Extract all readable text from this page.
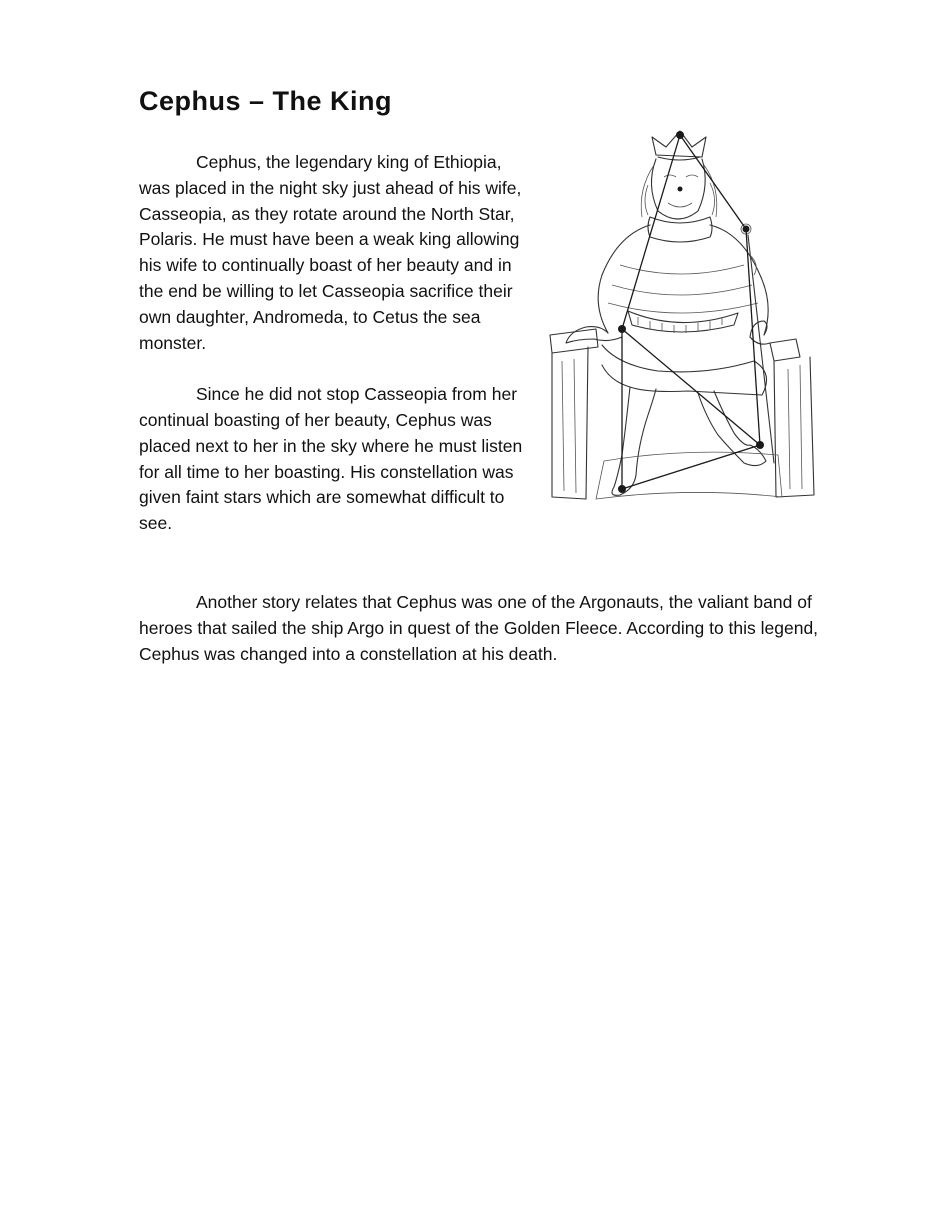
Cephus – The King

Cephus, the legendary king of Ethiopia, was placed in the night sky just ahead of his wife, Casseopia, as they rotate around the North Star, Polaris. He must have been a weak king allowing his wife to continually boast of her beauty and in the end be willing to let Casseopia sacrifice their own daughter, Andromeda, to Cetus the sea monster.

Since he did not stop Casseopia from her continual boasting of her beauty, Cephus was placed next to her in the sky where he must listen for all time to her boasting. His constellation was given faint stars which are somewhat difficult to see.

Another story relates that Cephus was one of the Argonauts, the valiant band of heroes that sailed the ship Argo in quest of the Golden Fleece. According to this legend, Cephus was changed into a constellation at his death.
